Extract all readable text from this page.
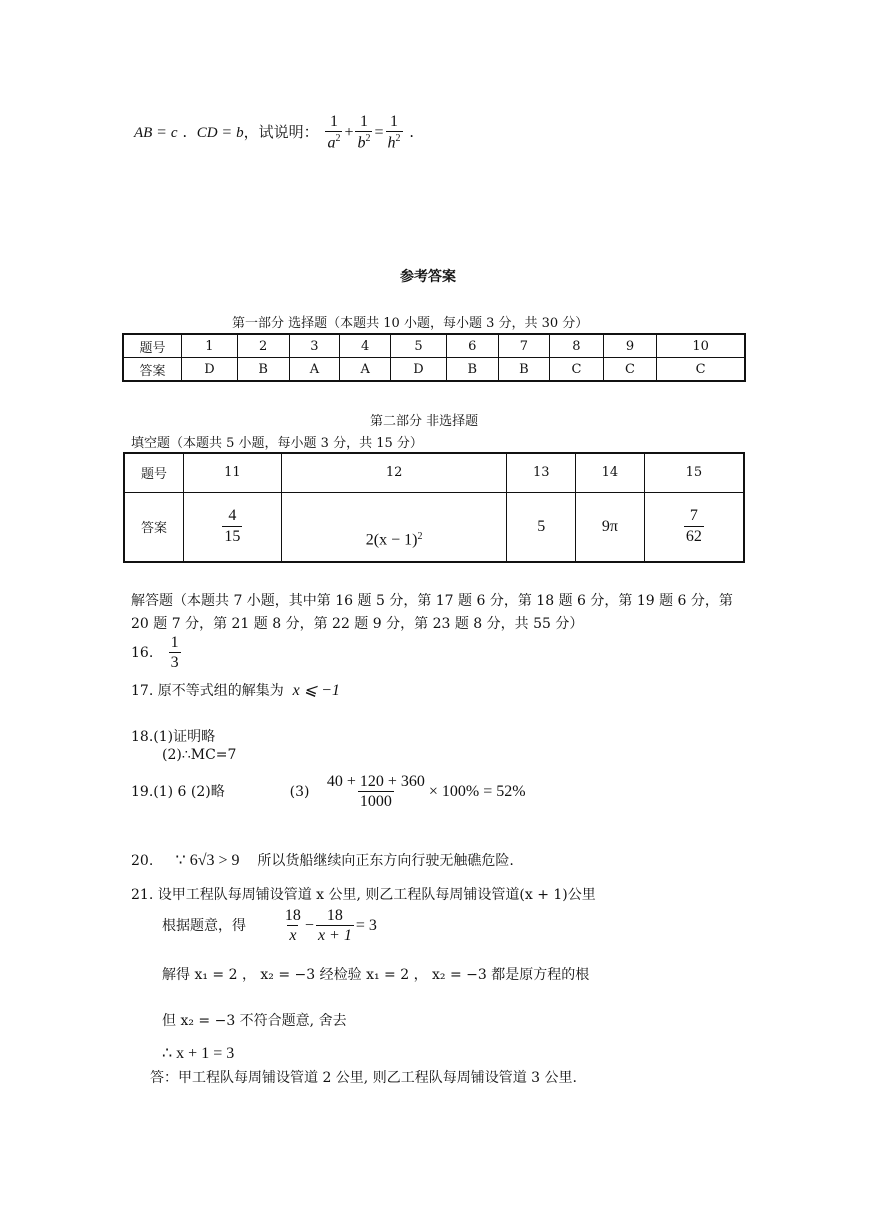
AB = c . CD = b，试说明： $\frac{1}{a^2} + \frac{1}{b^2} = \frac{1}{h^2}$ .
参考答案
第一部分 选择题（本题共 10 小题，每小题 3 分，共 30 分）
题号	1	2	3	4	5	6	7	8	9	10
答案	D	B	A	A	D	B	B	C	C	C
第二部分 非选择题
填空题（本题共 5 小题，每小题 3 分，共 15 分）
题号	11	12	13	14	15
答案	$\frac{4}{15}$	$2(x - 1)^2$	5	9π	$\frac{7}{62}$
解答题（本题共 7 小题，其中第 16 题 5 分，第 17 题 6 分，第 18 题 6 分，第 19 题 6 分，第
20 题 7 分，第 21 题 8 分，第 22 题 9 分，第 23 题 8 分，共 55 分）
16. $\frac{1}{3}$
17. 原不等式组的解集为 x ⩽ −1
18.(1)证明略
(2)∴MC=7
19.(1) 6 (2)略	$(3) \frac{40 + 120 + 360}{1000} \times 100\% = 52\%$
20. ∵ 6√3 > 9 所以货船继续向正东方向行驶无触礁危险.
21. 设甲工程队每周铺设管道 x 公里, 则乙工程队每周铺设管道(x + 1)公里
根据题意，得 $\frac{18}{x} - \frac{18}{x + 1} = 3$
解得 x₁ = 2 ， x₂ = −3 经检验 x₁ = 2 ， x₂ = −3 都是原方程的根
但 x₂ = −3 不符合题意, 舍去
∴ x + 1 = 3
答：甲工程队每周铺设管道 2 公里, 则乙工程队每周铺设管道 3 公里.
